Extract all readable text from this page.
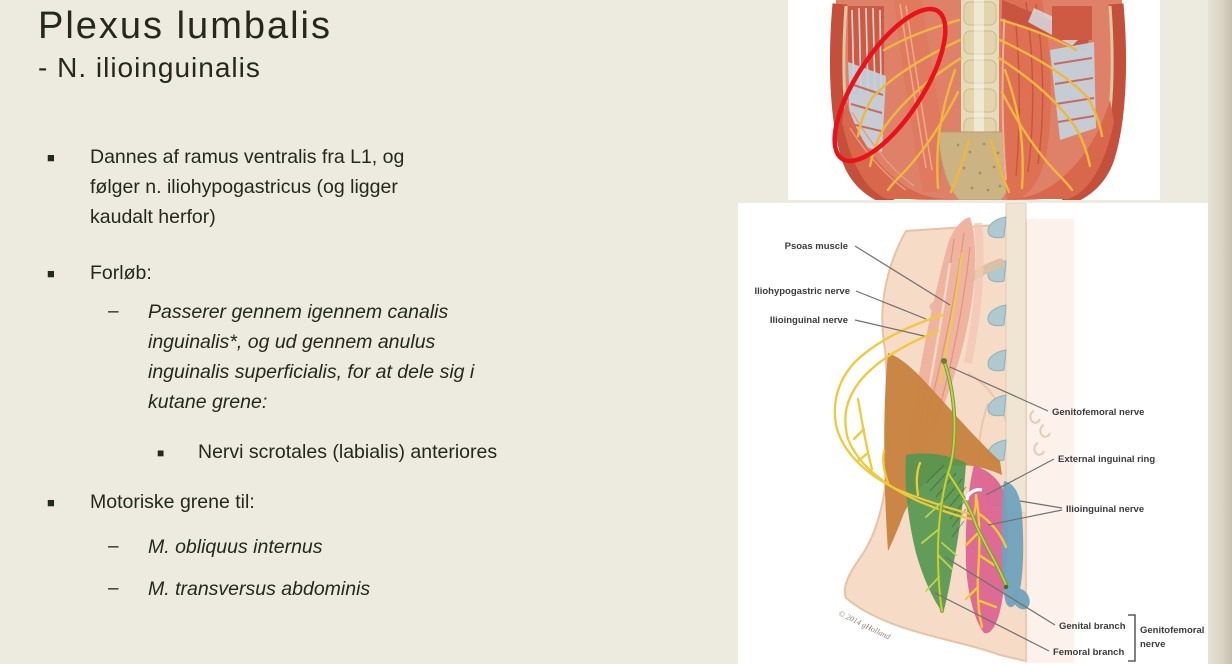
Plexus lumbalis
- N. ilioinguinalis
■ Dannes af ramus ventralis fra L1, og følger n. iliohypogastricus (og ligger kaudalt herfor)
■ Forløb:
– Passerer gennem igennem canalis inguinalis*, og ud gennem anulus inguinalis superficialis, for at dele sig i kutane grene:
■ Nervi scrotales (labialis) anteriores
■ Motoriske grene til:
– M. obliquus internus
– M. transversus abdominis
Psoas muscle
Iliohypogastric nerve
Ilioinguinal nerve
Genitofemoral nerve
External inguinal ring
Ilioinguinal nerve
Genital branch
Femoral branch
Genitofemoral
nerve
© 2014 gHolland
